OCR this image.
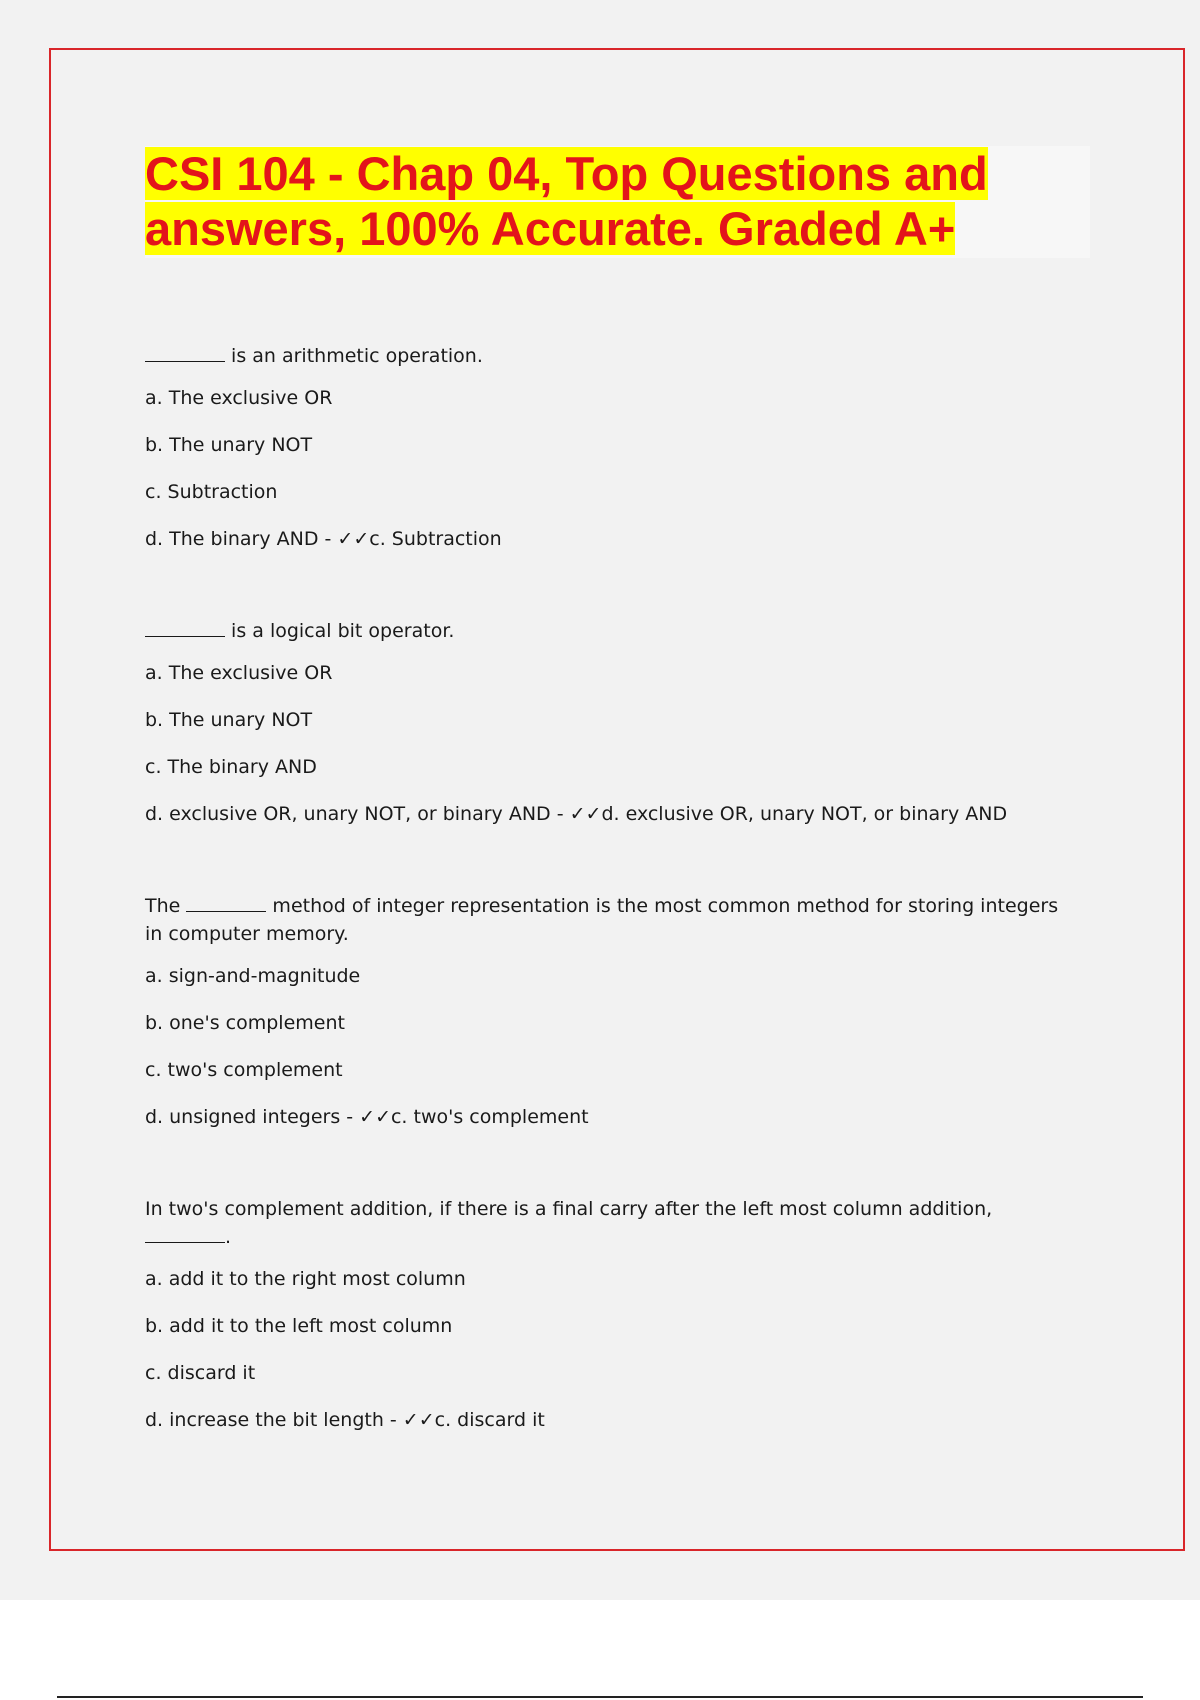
CSI 104 - Chap 04, Top Questions and
answers, 100% Accurate. Graded A+

is an arithmetic operation.

a. The exclusive OR

b. The unary NOT

c. Subtraction

d. The binary AND - ✓✓c. Subtraction

is a logical bit operator.

a. The exclusive OR

b. The unary NOT

c. The binary AND

d. exclusive OR, unary NOT, or binary AND - ✓✓d. exclusive OR, unary NOT, or binary AND

The	method of integer representation is the most common method for storing integers in computer memory.

a. sign-and-magnitude

b. one's complement

c. two's complement

d. unsigned integers - ✓✓c. two's complement

In two's complement addition, if there is a final carry after the left most column addition, .

a. add it to the right most column

b. add it to the left most column

c. discard it

d. increase the bit length - ✓✓c. discard it
